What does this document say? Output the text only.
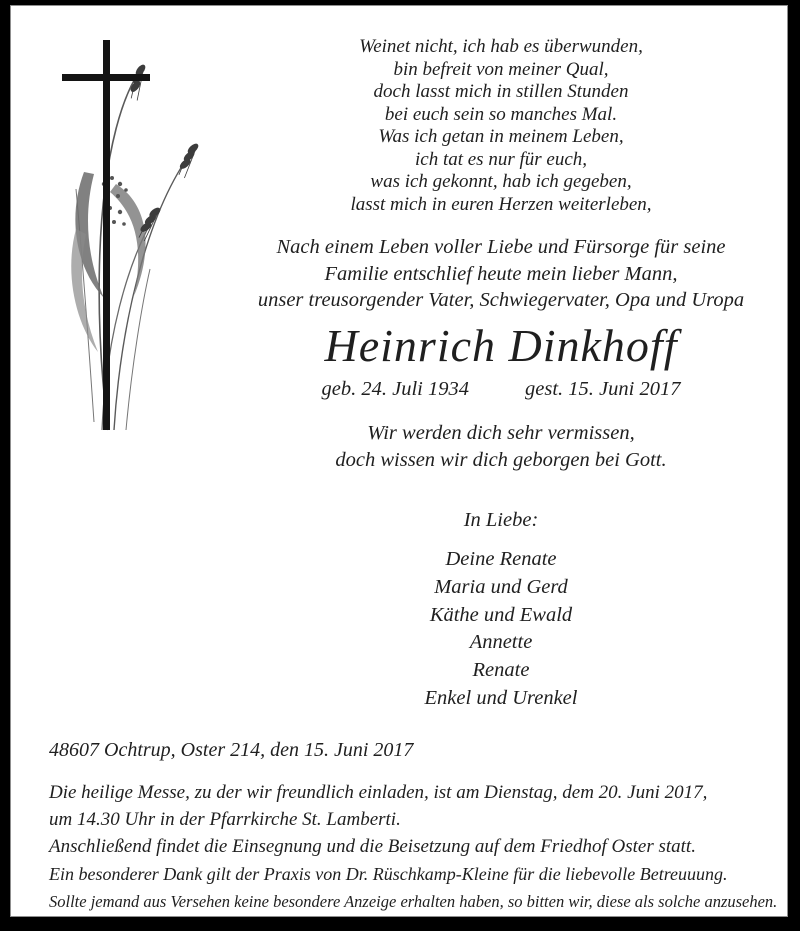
Weinet nicht, ich hab es überwunden,
bin befreit von meiner Qual,
doch lasst mich in stillen Stunden
bei euch sein so manches Mal.
Was ich getan in meinem Leben,
ich tat es nur für euch,
was ich gekonnt, hab ich gegeben,
lasst mich in euren Herzen weiterleben,
Nach einem Leben voller Liebe und Fürsorge für seine
Familie entschlief heute mein lieber Mann,
unser treusorgender Vater, Schwiegervater, Opa und Uropa
Heinrich Dinkhoff
geb. 24. Juli 1934	gest. 15. Juni 2017
Wir werden dich sehr vermissen,
doch wissen wir dich geborgen bei Gott.
In Liebe:
Deine Renate
Maria und Gerd
Käthe und Ewald
Annette
Renate
Enkel und Urenkel
48607 Ochtrup, Oster 214, den 15. Juni 2017
Die heilige Messe, zu der wir freundlich einladen, ist am Dienstag, dem 20. Juni 2017,
um 14.30 Uhr in der Pfarrkirche St. Lamberti.
Anschließend findet die Einsegnung und die Beisetzung auf dem Friedhof Oster statt.
Ein besonderer Dank gilt der Praxis von Dr. Rüschkamp-Kleine für die liebevolle Betreuuung.
Sollte jemand aus Versehen keine besondere Anzeige erhalten haben, so bitten wir, diese als solche anzusehen.
